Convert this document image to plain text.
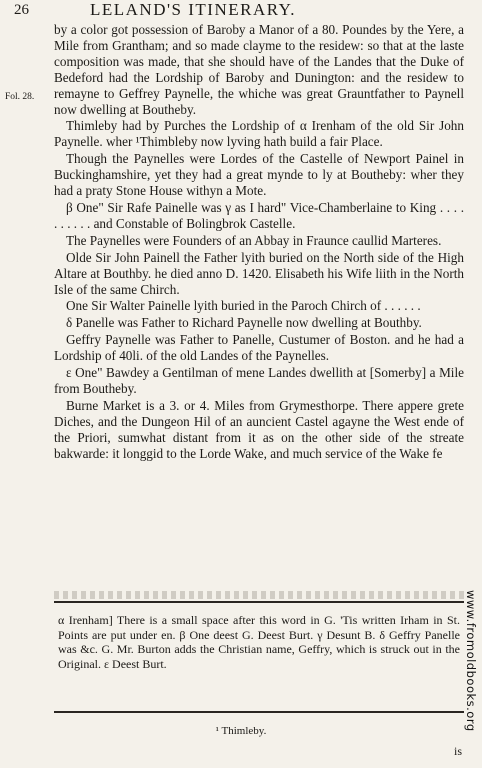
26	LELAND'S ITINERARY.
Fol. 28.

by a color got possession of Baroby a Manor of a 80. Poundes by the Yere, a Mile from Grantham; and so made clayme to the residew: so that at the laste composition was made, that she should have of the Landes that the Duke of Bedeford had the Lordship of Baroby and Dunington: and the residew to remayne to Geffrey Paynelle, the whiche was great Grauntfather to Paynell now dwelling at Boutheby.

Thimleby had by Purches the Lordship of α Irenham of the old Sir John Paynelle. wher ¹Thimbleby now lyving hath build a fair Place.

Though the Paynelles were Lordes of the Castelle of Newport Painel in Buckinghamshire, yet they had a great mynde to ly at Boutheby: wher they had a praty Stone House withyn a Mote.

β One" Sir Rafe Painelle was γ as I hard" Vice-Chamberlaine to King . . . . . . . . . . and Constable of Bolingbrok Castelle.

The Paynelles were Founders of an Abbay in Fraunce caullid Marteres.

Olde Sir John Painell the Father lyith buried on the North side of the High Altare at Bouthby. he died anno D. 1420. Elisabeth his Wife liith in the North Isle of the same Chirch.

One Sir Walter Painelle lyith buried in the Paroch Chirch of . . . . . .

δ Panelle was Father to Richard Paynelle now dwelling at Bouthby.

Geffry Paynelle was Father to Panelle, Custumer of Boston. and he had a Lordship of 40li. of the old Landes of the Paynelles.

ε One" Bawdey a Gentilman of mene Landes dwellith at [Somerby] a Mile from Boutheby.

Burne Market is a 3. or 4. Miles from Grymesthorpe. There appere grete Diches, and the Dungeon Hil of an auncient Castel agayne the West ende of the Priori, sumwhat distant from it as on the other side of the streate bakwarde: it longgid to the Lorde Wake, and much service of the Wake fe

α Irenham] There is a small space after this word in G. 'Tis written Irham in St. Points are put under en. β One deest G. Deest Burt. γ Desunt B. δ Geffry Panelle was &c. G. Mr. Burton adds the Christian name, Geffry, which is struck out in the Original. ε Deest Burt.

¹ Thimleby.
is
www.fromoldbooks.org
